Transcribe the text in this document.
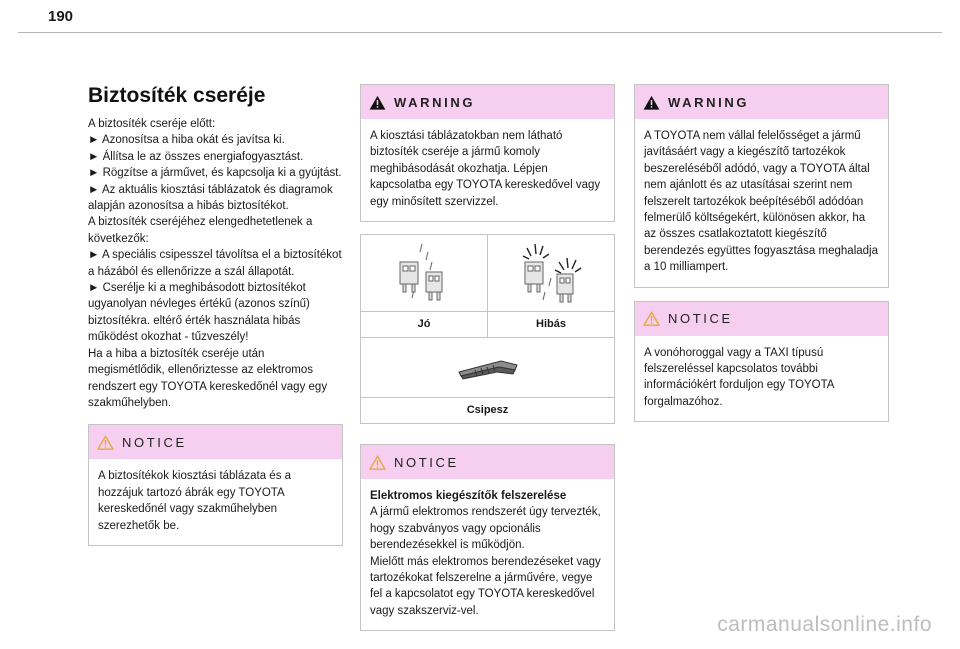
190
Biztosíték cseréje

A biztosíték cseréje előtt:

► Azonosítsa a hiba okát és javítsa ki.

► Állítsa le az összes energiafogyasztást.

► Rögzítse a járművet, és kapcsolja ki a gyújtást.

► Az aktuális kiosztási táblázatok és diagramok alapján azonosítsa a hibás biztosítékot.

A biztosíték cseréjéhez elengedhetetlenek a következők:

► A speciális csipesszel távolítsa el a biztosítékot a házából és ellenőrizze a szál állapotát.

► Cserélje ki a meghibásodott biztosítékot ugyanolyan névleges értékű (azonos színű) biztosítékra. eltérő érték használata hibás működést okozhat - tűzveszély!

Ha a hiba a biztosíték cseréje után megismétlődik, ellenőriztesse az elektromos rendszert egy TOYOTA kereskedőnél vagy egy szakműhelyben.

NOTICE

A biztosítékok kiosztási táblázata és a hozzájuk tartozó ábrák egy TOYOTA kereskedőnél vagy szakműhelyben szerezhetők be.

WARNING

A kiosztási táblázatokban nem látható biztosíték cseréje a jármű komoly meghibásodását okozhatja. Lépjen kapcsolatba egy TOYOTA kereskedővel vagy egy minősített szervizzel.

Jó	Hibás
Csipesz
NOTICE

Elektromos kiegészítők felszerelése

A jármű elektromos rendszerét úgy tervezték, hogy szabványos vagy opcionális berendezésekkel is működjön.

Mielőtt más elektromos berendezéseket vagy tartozékokat felszerelne a járművére, vegye fel a kapcsolatot egy TOYOTA kereskedővel vagy szakszerviz-vel.

WARNING

A TOYOTA nem vállal felelősséget a jármű javításáért vagy a kiegészítő tartozékok beszereléséből adódó, vagy a TOYOTA által nem ajánlott és az utasításai szerint nem felszerelt tartozékok beépítéséből adódóan felmerülő költségekért, különösen akkor, ha az összes csatlakoztatott kiegészítő berendezés együttes fogyasztása meghaladja a 10 milliampert.

NOTICE

A vonóhoroggal vagy a TAXI típusú felszereléssel kapcsolatos további információkért forduljon egy TOYOTA forgalmazóhoz.

carmanualsonline.info
